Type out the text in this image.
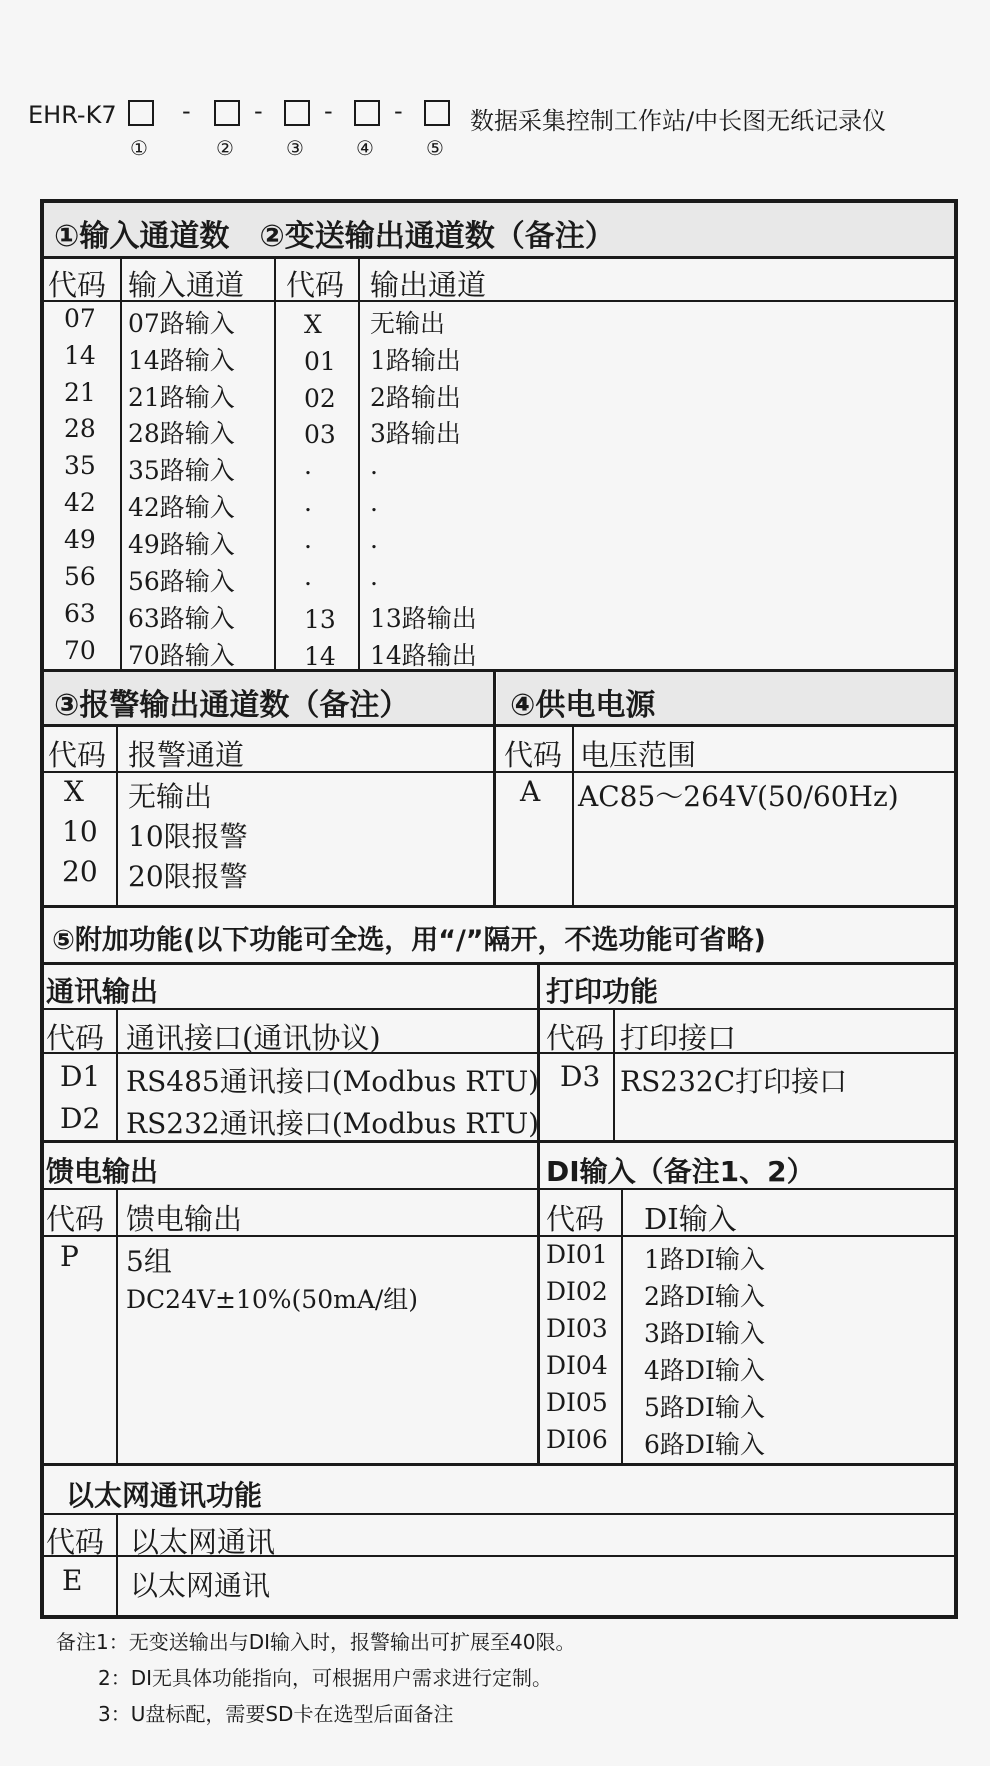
EHR-K7	-	-	-	-	数据采集控制工作站/中长图无纸记录仪
①	②	③	④	⑤
①输入通道数　②变送输出通道数（备注）
代码 输入通道 代码 输出通道
07 07路输入	X 无输出
14 14路输入	01 1路输出
21 21路输入	02 2路输出
28 28路输入	03 3路输出
35 35路输入	. .
42 42路输入	. .
49 49路输入	. .
56 56路输入	. .
63 63路输入	13 13路输出
70 70路输入	14 14路输出
③报警输出通道数（备注）
代码 报警通道
X 无输出
10 10限报警
20 20限报警
④供电电源
代码 电压范围
A AC85～264V(50/60Hz)
⑤附加功能(以下功能可全选，用“/”隔开，不选功能可省略)
通讯输出
代码 通讯接口(通讯协议)
D1 RS485通讯接口(Modbus RTU)
D2 RS232通讯接口(Modbus RTU)
打印功能
代码 打印接口
D3 RS232C打印接口
馈电输出
代码 馈电输出
P 5组
DC24V±10%(50mA/组)
DI输入（备注1、2）
代码 DI输入
DI01 1路DI输入
DI02 2路DI输入
DI03 3路DI输入
DI04 4路DI输入
DI05 5路DI输入
DI06 6路DI输入
以太网通讯功能
代码 以太网通讯
E 以太网通讯
备注1：无变送输出与DI输入时，报警输出可扩展至40限。
2：DI无具体功能指向，可根据用户需求进行定制。
3：U盘标配，需要SD卡在选型后面备注
